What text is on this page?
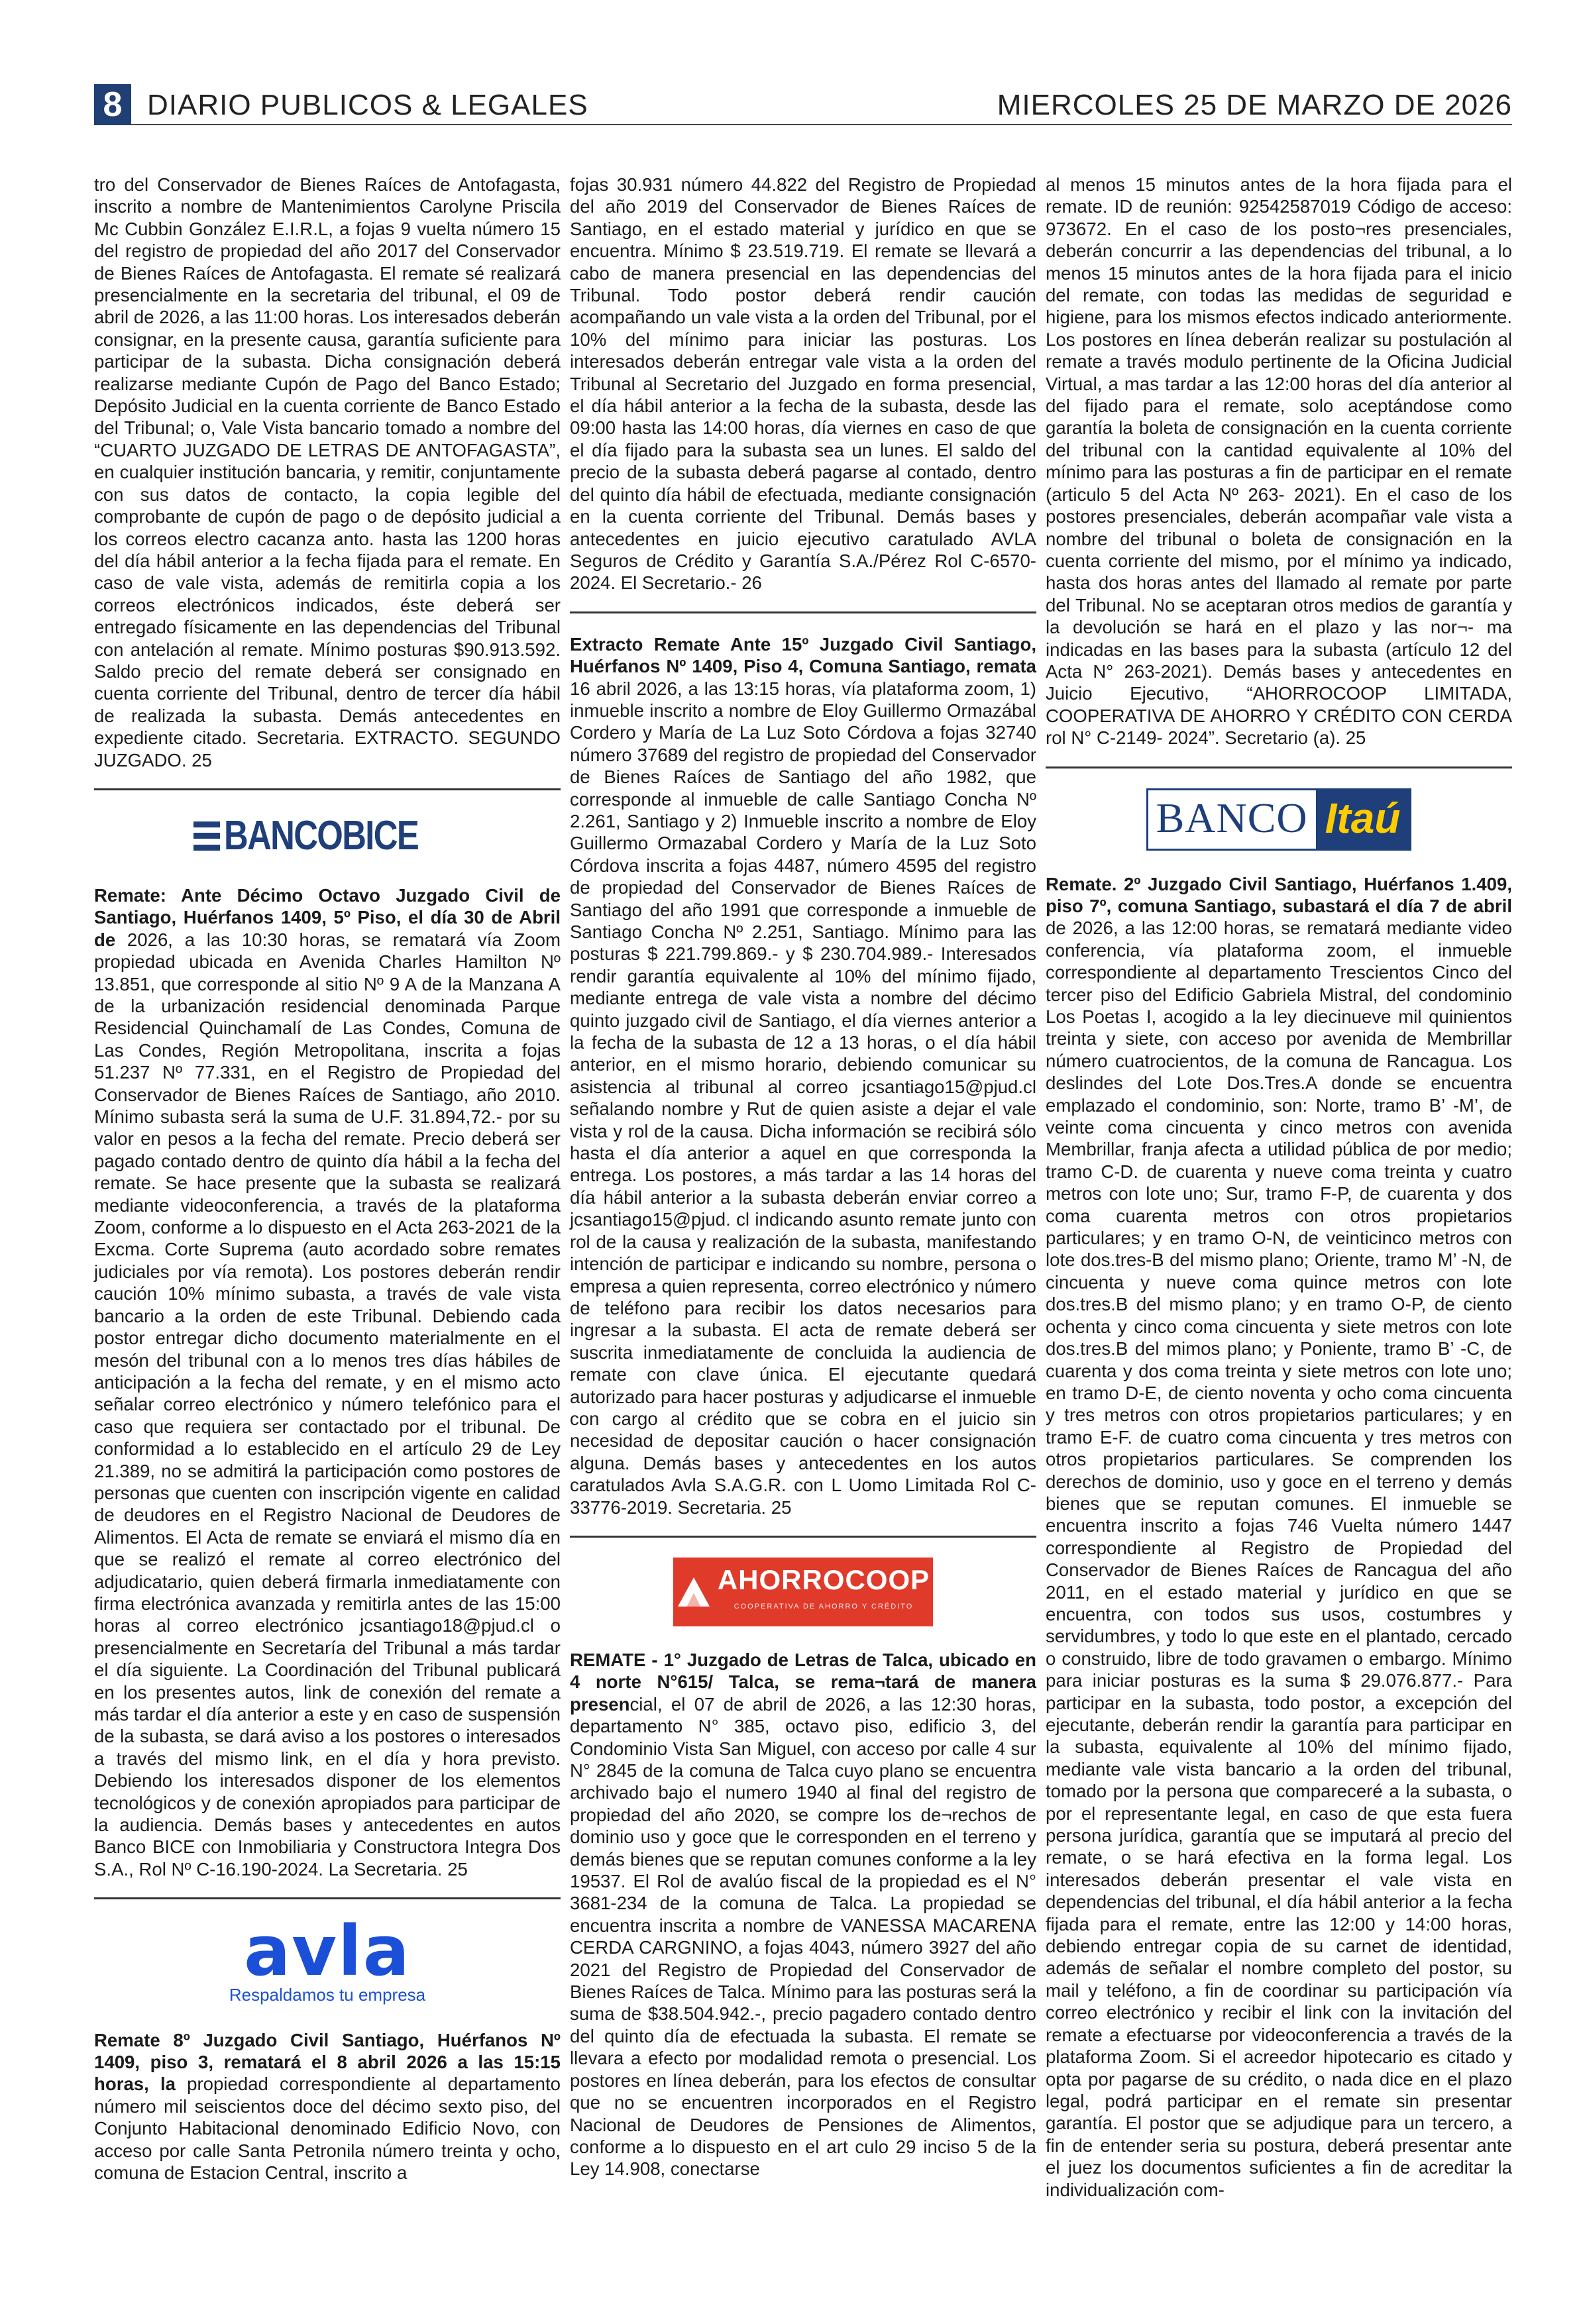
8 DIARIO PUBLICOS & LEGALES	MIERCOLES 25 DE MARZO DE 2026

tro del Conservador de Bienes Raíces de Antofagasta, inscrito a nombre de Mantenimientos Carolyne Priscila Mc Cubbin González E.I.R.L, a fojas 9 vuelta número 15 del registro de propiedad del año 2017 del Conservador de Bienes Raíces de Antofagasta. El remate sé realizará presencialmente en la secretaria del tribunal, el 09 de abril de 2026, a las 11:00 horas. Los interesados deberán consignar, en la presente causa, garantía suficiente para participar de la subasta. Dicha consignación deberá realizarse mediante Cupón de Pago del Banco Estado; Depósito Judicial en la cuenta corriente de Banco Estado del Tribunal; o, Vale Vista bancario tomado a nombre del “CUARTO JUZGADO DE LETRAS DE ANTOFAGASTA”, en cualquier institución bancaria, y remitir, conjuntamente con sus datos de contacto, la copia legible del comprobante de cupón de pago o de depósito judicial a los correos electro cacanza anto. hasta las 1200 horas del día hábil anterior a la fecha fijada para el remate. En caso de vale vista, además de remitirla copia a los correos electrónicos indicados, éste deberá ser entregado físicamente en las dependencias del Tribunal con antelación al remate. Mínimo posturas $90.913.592. Saldo precio del remate deberá ser consignado en cuenta corriente del Tribunal, dentro de tercer día hábil de realizada la subasta. Demás antecedentes en expediente citado. Secretaria. EXTRACTO. SEGUNDO JUZGADO. 25

BANCOBICE

Remate: Ante Décimo Octavo Juzgado Civil de Santiago, Huérfanos 1409, 5º Piso, el día 30 de Abril de 2026, a las 10:30 horas, se rematará vía Zoom propiedad ubicada en Avenida Charles Hamilton Nº 13.851, que corresponde al sitio Nº 9 A de la Manzana A de la urbanización residencial denominada Parque Residencial Quinchamalí de Las Condes, Comuna de Las Condes, Región Metropolitana, inscrita a fojas 51.237 Nº 77.331, en el Registro de Propiedad del Conservador de Bienes Raíces de Santiago, año 2010. Mínimo subasta será la suma de U.F. 31.894,72.- por su valor en pesos a la fecha del remate. Precio deberá ser pagado contado dentro de quinto día hábil a la fecha del remate. Se hace presente que la subasta se realizará mediante videoconferencia, a través de la plataforma Zoom, conforme a lo dispuesto en el Acta 263-2021 de la Excma. Corte Suprema (auto acordado sobre remates judiciales por vía remota). Los postores deberán rendir caución 10% mínimo subasta, a través de vale vista bancario a la orden de este Tribunal. Debiendo cada postor entregar dicho documento materialmente en el mesón del tribunal con a lo menos tres días hábiles de anticipación a la fecha del remate, y en el mismo acto señalar correo electrónico y número telefónico para el caso que requiera ser contactado por el tribunal. De conformidad a lo establecido en el artículo 29 de Ley 21.389, no se admitirá la participación como postores de personas que cuenten con inscripción vigente en calidad de deudores en el Registro Nacional de Deudores de Alimentos. El Acta de remate se enviará el mismo día en que se realizó el remate al correo electrónico del adjudicatario, quien deberá firmarla inmediatamente con firma electrónica avanzada y remitirla antes de las 15:00 horas al correo electrónico jcsantiago18@pjud.cl o presencialmente en Secretaría del Tribunal a más tardar el día siguiente. La Coordinación del Tribunal publicará en los presentes autos, link de conexión del remate a más tardar el día anterior a este y en caso de suspensión de la subasta, se dará aviso a los postores o interesados a través del mismo link, en el día y hora previsto. Debiendo los interesados disponer de los elementos tecnológicos y de conexión apropiados para participar de la audiencia. Demás bases y antecedentes en autos Banco BICE con Inmobiliaria y Constructora Integra Dos S.A., Rol Nº C-16.190-2024. La Secretaria. 25

avla
Respaldamos tu empresa

Remate 8º Juzgado Civil Santiago, Huérfanos Nº 1409, piso 3, rematará el 8 abril 2026 a las 15:15 horas, la propiedad correspondiente al departamento número mil seiscientos doce del décimo sexto piso, del Conjunto Habitacional denominado Edificio Novo, con acceso por calle Santa Petronila número treinta y ocho, comuna de Estacion Central, inscrito a

fojas 30.931 número 44.822 del Registro de Propiedad del año 2019 del Conservador de Bienes Raíces de Santiago, en el estado material y jurídico en que se encuentra. Mínimo $ 23.519.719. El remate se llevará a cabo de manera presencial en las dependencias del Tribunal. Todo postor deberá rendir caución acompañando un vale vista a la orden del Tribunal, por el 10% del mínimo para iniciar las posturas. Los interesados deberán entregar vale vista a la orden del Tribunal al Secretario del Juzgado en forma presencial, el día hábil anterior a la fecha de la subasta, desde las 09:00 hasta las 14:00 horas, día viernes en caso de que el día fijado para la subasta sea un lunes. El saldo del precio de la subasta deberá pagarse al contado, dentro del quinto día hábil de efectuada, mediante consignación en la cuenta corriente del Tribunal. Demás bases y antecedentes en juicio ejecutivo caratulado AVLA Seguros de Crédito y Garantía S.A./Pérez Rol C-6570-2024. El Secretario.- 26

Extracto Remate Ante 15º Juzgado Civil Santiago, Huérfanos Nº 1409, Piso 4, Comuna Santiago, remata 16 abril 2026, a las 13:15 horas, vía plataforma zoom, 1) inmueble inscrito a nombre de Eloy Guillermo Ormazábal Cordero y María de La Luz Soto Córdova a fojas 32740 número 37689 del registro de propiedad del Conservador de Bienes Raíces de Santiago del año 1982, que corresponde al inmueble de calle Santiago Concha Nº 2.261, Santiago y 2) Inmueble inscrito a nombre de Eloy Guillermo Ormazabal Cordero y María de la Luz Soto Córdova inscrita a fojas 4487, número 4595 del registro de propiedad del Conservador de Bienes Raíces de Santiago del año 1991 que corresponde a inmueble de Santiago Concha Nº 2.251, Santiago. Mínimo para las posturas $ 221.799.869.- y $ 230.704.989.- Interesados rendir garantía equivalente al 10% del mínimo fijado, mediante entrega de vale vista a nombre del décimo quinto juzgado civil de Santiago, el día viernes anterior a la fecha de la subasta de 12 a 13 horas, o el día hábil anterior, en el mismo horario, debiendo comunicar su asistencia al tribunal al correo jcsantiago15@pjud.cl señalando nombre y Rut de quien asiste a dejar el vale vista y rol de la causa. Dicha información se recibirá sólo hasta el día anterior a aquel en que corresponda la entrega. Los postores, a más tardar a las 14 horas del día hábil anterior a la subasta deberán enviar correo a jcsantiago15@pjud. cl indicando asunto remate junto con rol de la causa y realización de la subasta, manifestando intención de participar e indicando su nombre, persona o empresa a quien representa, correo electrónico y número de teléfono para recibir los datos necesarios para ingresar a la subasta. El acta de remate deberá ser suscrita inmediatamente de concluida la audiencia de remate con clave única. El ejecutante quedará autorizado para hacer posturas y adjudicarse el inmueble con cargo al crédito que se cobra en el juicio sin necesidad de depositar caución o hacer consignación alguna. Demás bases y antecedentes en los autos caratulados Avla S.A.G.R. con L Uomo Limitada Rol C-33776-2019. Secretaria. 25

AHORROCOOP
COOPERATIVA DE AHORRO Y CRÉDITO

REMATE - 1° Juzgado de Letras de Talca, ubicado en 4 norte N°615/ Talca, se rema¬tará de manera presencial, el 07 de abril de 2026, a las 12:30 horas, departamento N° 385, octavo piso, edificio 3, del Condominio Vista San Miguel, con acceso por calle 4 sur N° 2845 de la comuna de Talca cuyo plano se encuentra archivado bajo el numero 1940 al final del registro de propiedad del año 2020, se compre los de¬rechos de dominio uso y goce que le corresponden en el terreno y demás bienes que se reputan comunes conforme a la ley 19537. El Rol de avalúo fiscal de la propiedad es el N° 3681-234 de la comuna de Talca. La propiedad se encuentra inscrita a nombre de VANESSA MACARENA CERDA CARGNINO, a fojas 4043, número 3927 del año 2021 del Registro de Propiedad del Conservador de Bienes Raíces de Talca. Mínimo para las posturas será la suma de $38.504.942.-, precio pagadero contado dentro del quinto día de efectuada la subasta. El remate se llevara a efecto por modalidad remota o presencial. Los postores en línea deberán, para los efectos de consultar que no se encuentren incorporados en el Registro Nacional de Deudores de Pensiones de Alimentos, conforme a lo dispuesto en el art culo 29 inciso 5 de la Ley 14.908, conectarse

al menos 15 minutos antes de la hora fijada para el remate. ID de reunión: 92542587019 Código de acceso: 973672. En el caso de los posto¬res presenciales, deberán concurrir a las dependencias del tribunal, a lo menos 15 minutos antes de la hora fijada para el inicio del remate, con todas las medidas de seguridad e higiene, para los mismos efectos indicado anteriormente. Los postores en línea deberán realizar su postulación al remate a través modulo pertinente de la Oficina Judicial Virtual, a mas tardar a las 12:00 horas del día anterior al del fijado para el remate, solo aceptándose como garantía la boleta de consignación en la cuenta corriente del tribunal con la cantidad equivalente al 10% del mínimo para las posturas a fin de participar en el remate (articulo 5 del Acta Nº 263- 2021). En el caso de los postores presenciales, deberán acompañar vale vista a nombre del tribunal o boleta de consignación en la cuenta corriente del mismo, por el mínimo ya indicado, hasta dos horas antes del llamado al remate por parte del Tribunal. No se aceptaran otros medios de garantía y la devolución se hará en el plazo y las nor¬- ma indicadas en las bases para la subasta (artículo 12 del Acta N° 263-2021). Demás bases y antecedentes en Juicio Ejecutivo, “AHORROCOOP LIMITADA, COOPERATIVA DE AHORRO Y CRÉDITO CON CERDA rol N° C-2149- 2024”. Secretario (a). 25

BANCO Itaú

Remate. 2º Juzgado Civil Santiago, Huérfanos 1.409, piso 7º, comuna Santiago, subastará el día 7 de abril de 2026, a las 12:00 horas, se rematará mediante video conferencia, vía plataforma zoom, el inmueble correspondiente al departamento Trescientos Cinco del tercer piso del Edificio Gabriela Mistral, del condominio Los Poetas I, acogido a la ley diecinueve mil quinientos treinta y siete, con acceso por avenida de Membrillar número cuatrocientos, de la comuna de Rancagua. Los deslindes del Lote Dos.Tres.A donde se encuentra emplazado el condominio, son: Norte, tramo B’ -M’, de veinte coma cincuenta y cinco metros con avenida Membrillar, franja afecta a utilidad pública de por medio; tramo C-D. de cuarenta y nueve coma treinta y cuatro metros con lote uno; Sur, tramo F-P, de cuarenta y dos coma cuarenta metros con otros propietarios particulares; y en tramo O-N, de veinticinco metros con lote dos.tres-B del mismo plano; Oriente, tramo M’ -N, de cincuenta y nueve coma quince metros con lote dos.tres.B del mismo plano; y en tramo O-P, de ciento ochenta y cinco coma cincuenta y siete metros con lote dos.tres.B del mimos plano; y Poniente, tramo B’ -C, de cuarenta y dos coma treinta y siete metros con lote uno; en tramo D-E, de ciento noventa y ocho coma cincuenta y tres metros con otros propietarios particulares; y en tramo E-F. de cuatro coma cincuenta y tres metros con otros propietarios particulares. Se comprenden los derechos de dominio, uso y goce en el terreno y demás bienes que se reputan comunes. El inmueble se encuentra inscrito a fojas 746 Vuelta número 1447 correspondiente al Registro de Propiedad del Conservador de Bienes Raíces de Rancagua del año 2011, en el estado material y jurídico en que se encuentra, con todos sus usos, costumbres y servidumbres, y todo lo que este en el plantado, cercado o construido, libre de todo gravamen o embargo. Mínimo para iniciar posturas es la suma $ 29.076.877.- Para participar en la subasta, todo postor, a excepción del ejecutante, deberán rendir la garantía para participar en la subasta, equivalente al 10% del mínimo fijado, mediante vale vista bancario a la orden del tribunal, tomado por la persona que compareceré a la subasta, o por el representante legal, en caso de que esta fuera persona jurídica, garantía que se imputará al precio del remate, o se hará efectiva en la forma legal. Los interesados deberán presentar el vale vista en dependencias del tribunal, el día hábil anterior a la fecha fijada para el remate, entre las 12:00 y 14:00 horas, debiendo entregar copia de su carnet de identidad, además de señalar el nombre completo del postor, su mail y teléfono, a fin de coordinar su participación vía correo electrónico y recibir el link con la invitación del remate a efectuarse por videoconferencia a través de la plataforma Zoom. Si el acreedor hipotecario es citado y opta por pagarse de su crédito, o nada dice en el plazo legal, podrá participar en el remate sin presentar garantía. El postor que se adjudique para un tercero, a fin de entender seria su postura, deberá presentar ante el juez los documentos suficientes a fin de acreditar la individualización com-
